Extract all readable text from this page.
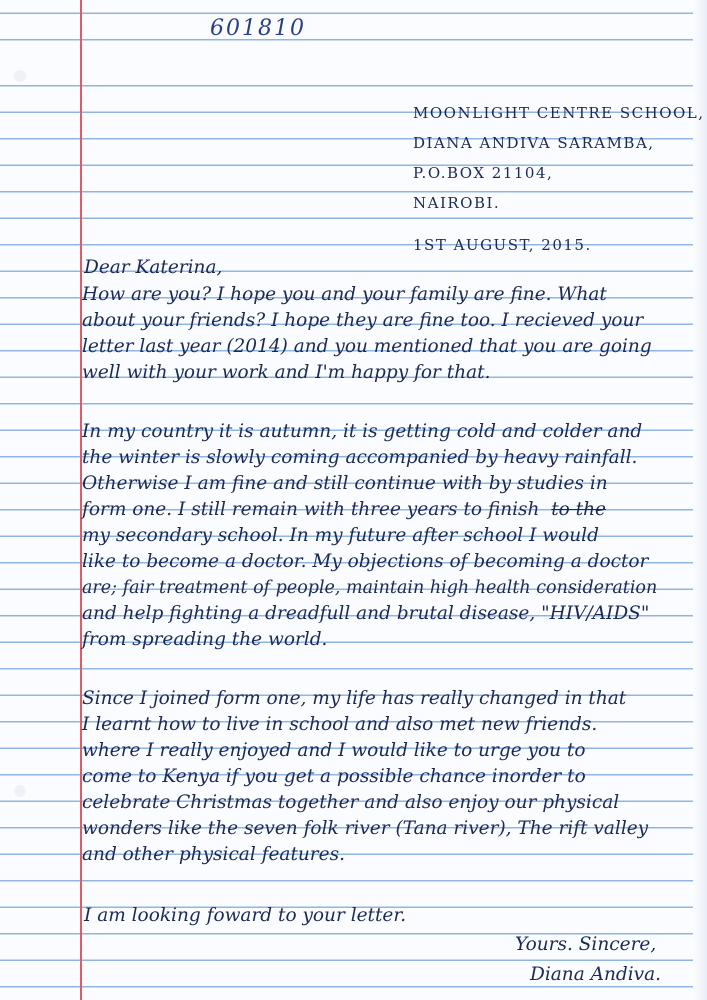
601810
MOONLIGHT CENTRE SCHOOL,
DIANA ANDIVA SARAMBA,
P.O.BOX 21104,
NAIROBI.
1ST AUGUST, 2015.
Dear Katerina,
How are you? I hope you and your family are fine. What
about your friends? I hope they are fine too. I recieved your
letter last year (2014) and you mentioned that you are going
well with your work and I'm happy for that.
In my country it is autumn, it is getting cold and colder and
the winter is slowly coming accompanied by heavy rainfall.
Otherwise I am fine and still continue with by studies in
form one. I still remain with three years to finish to the
my secondary school. In my future after school I would
like to become a doctor. My objections of becoming a doctor
are; fair treatment of people, maintain high health consideration
and help fighting a dreadfull and brutal disease, "HIV/AIDS"
from spreading the world.
Since I joined form one, my life has really changed in that
I learnt how to live in school and also met new friends.
where I really enjoyed and I would like to urge you to
come to Kenya if you get a possible chance inorder to
celebrate Christmas together and also enjoy our physical
wonders like the seven folk river (Tana river), The rift valley
and other physical features.
I am looking foward to your letter.
Yours. Sincere,
Diana Andiva.
